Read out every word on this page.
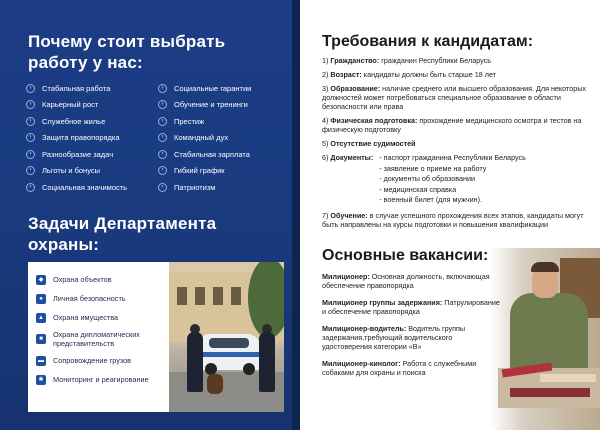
Почему стоит выбрать работу у нас:
›	Стабильная работа
›	Карьерный рост
›	Служебное жилье
›	Защита правопорядка
›	Разнообразие задач
›	Льготы и бонусы
›	Социальная значимость
›	Социальные гарантии
›	Обучение и тренинги
›	Престиж
›	Командный дух
›	Стабильная зарплата
›	Гибкий график
›	Патриотизм
Задачи Департамента охраны:
◆	Охрана объектов
●	Личная безопасность
▲ Охрана имущества
■	Охрана дипломатических представительств
▬ Сопровождение грузов
✱	Мониторинг и реагирование
Требования к кандидатам:
1) Гражданство: гражданин Республики Беларусь
2) Возраст: кандидаты должны быть старше 18 лет
3) Образование: наличие среднего или высшего образования. Для некоторых должностей может потребоваться специальное образование в области безопасности или права
4) Физическая подготовка: прохождение медицинского осмотра и тестов на физическую подготовку
5) Отсутствие судимостей
6) Документы: - паспорт гражданина Республики Беларусь
- заявление о приеме на работу
- документы об образовании
- медицинская справка
- военный билет (для мужчин).
7) Обучение: в случае успешного прохождения всех этапов, кандидаты могут быть направлены на курсы подготовки и повышения квалификации
Основные вакансии:
Милиционер: Основная должность, включающая обеспечение правопорядка
Милиционер группы задержания: Патрулирование и обеспечение правопорядка
Милиционер-водитель: Водитель группы задержания,требующий водительского удостоверения категории «B»
Милиционер-кинолог: Работа с служебными собаками для охраны и поиска
